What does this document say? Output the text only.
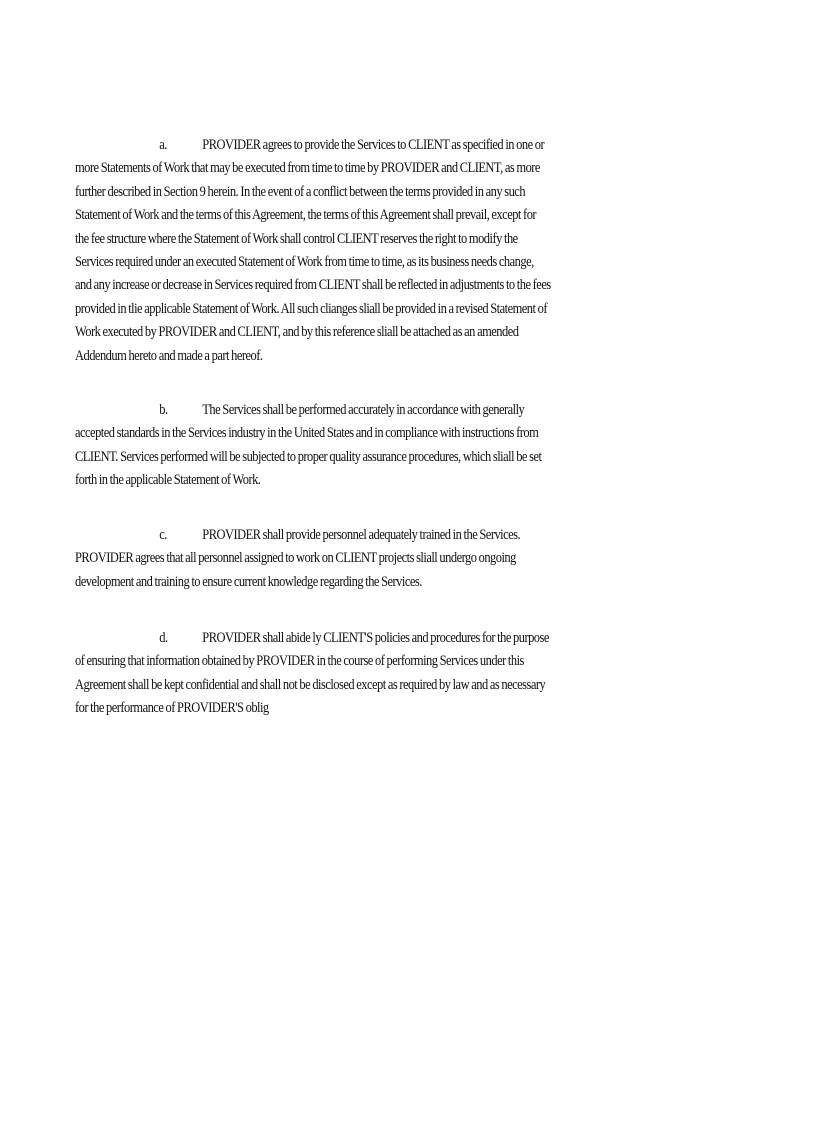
a. PROVIDER agrees to provide the Services to CLIENT as specified in one or
more Statements of Work that may be executed from time to time by PROVIDER and CLIENT, as more
further described in Section 9 herein. In the event of a conflict between the terms provided in any such
Statement of Work and the terms of this Agreement, the terms of this Agreement shall prevail, except for
the fee structure where the Statement of Work shall control CLIENT reserves the right to modify the
Services required under an executed Statement of Work from time to time, as its business needs change,
and any increase or decrease in Services required from CLIENT shall be reflected in adjustments to the fees
provided in tlie applicable Statement of Work. All such clianges sliall be provided in a revised Statement of
Work executed by PROVIDER and CLIENT, and by this reference sliall be attached as an amended
Addendum hereto and made a part hereof.

b. The Services shall be performed accurately in accordance with generally
accepted standards in the Services industry in the United States and in compliance with instructions from
CLIENT. Services performed will be subjected to proper quality assurance procedures, which sliall be set
forth in the applicable Statement of Work.

c. PROVIDER shall provide personnel adequately trained in the Services.
PROVIDER agrees that all personnel assigned to work on CLIENT projects sliall undergo ongoing
development and training to ensure current knowledge regarding the Services.

d. PROVIDER shall abide ly CLIENT'S policies and procedures for the purpose
of ensuring that information obtained by PROVIDER in the course of performing Services under this
Agreement shall be kept confidential and shall not be disclosed except as required by law and as necessary
for the performance of PROVIDER'S oblig
